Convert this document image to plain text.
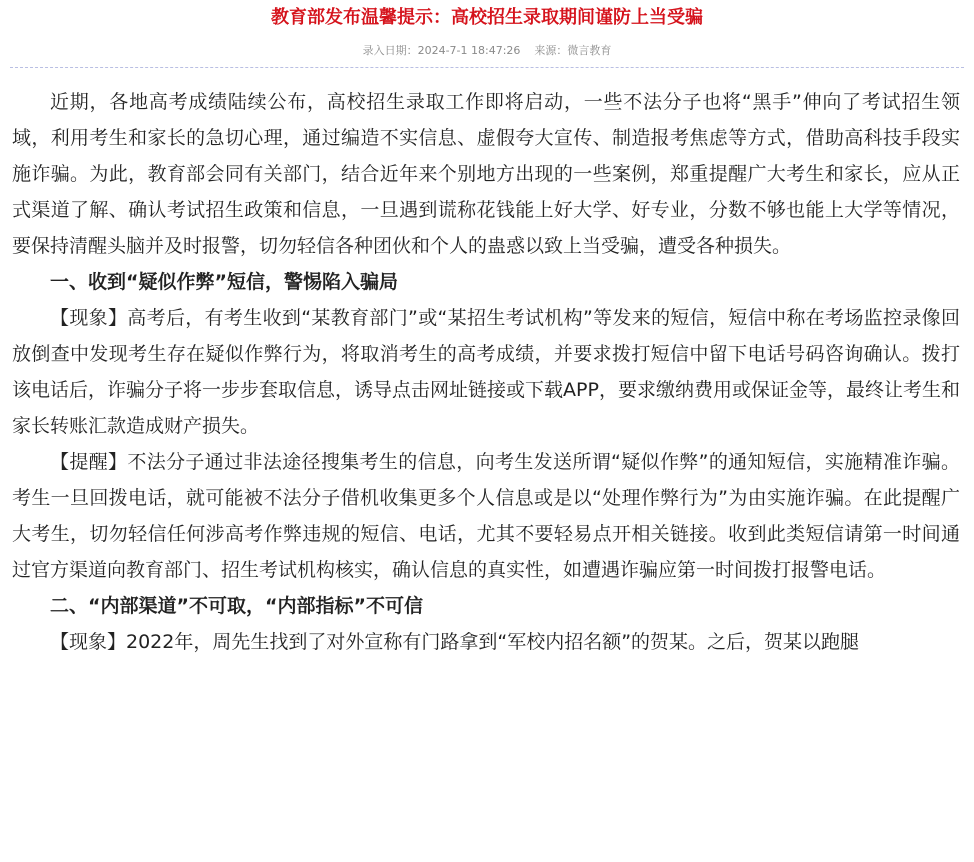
教育部发布温馨提示：高校招生录取期间谨防上当受骗
录入日期：2024-7-1 18:47:26 来源：微言教育

近期，各地高考成绩陆续公布，高校招生录取工作即将启动，一些不法分子也将“黑手”伸向了考试招生领域，利用考生和家长的急切心理，通过编造不实信息、虚假夸大宣传、制造报考焦虑等方式，借助高科技手段实施诈骗。为此，教育部会同有关部门，结合近年来个别地方出现的一些案例，郑重提醒广大考生和家长，应从正式渠道了解、确认考试招生政策和信息，一旦遇到谎称花钱能上好大学、好专业，分数不够也能上大学等情况，要保持清醒头脑并及时报警，切勿轻信各种团伙和个人的蛊惑以致上当受骗，遭受各种损失。

一、收到“疑似作弊”短信，警惕陷入骗局

【现象】高考后，有考生收到“某教育部门”或“某招生考试机构”等发来的短信，短信中称在考场监控录像回放倒查中发现考生存在疑似作弊行为，将取消考生的高考成绩，并要求拨打短信中留下电话号码咨询确认。拨打该电话后，诈骗分子将一步步套取信息，诱导点击网址链接或下载APP，要求缴纳费用或保证金等，最终让考生和家长转账汇款造成财产损失。

【提醒】不法分子通过非法途径搜集考生的信息，向考生发送所谓“疑似作弊”的通知短信，实施精准诈骗。考生一旦回拨电话，就可能被不法分子借机收集更多个人信息或是以“处理作弊行为”为由实施诈骗。在此提醒广大考生，切勿轻信任何涉高考作弊违规的短信、电话，尤其不要轻易点开相关链接。收到此类短信请第一时间通过官方渠道向教育部门、招生考试机构核实，确认信息的真实性，如遭遇诈骗应第一时间拨打报警电话。

二、“内部渠道”不可取，“内部指标”不可信

【现象】2022年，周先生找到了对外宣称有门路拿到“军校内招名额”的贺某。之后，贺某以跑腿
